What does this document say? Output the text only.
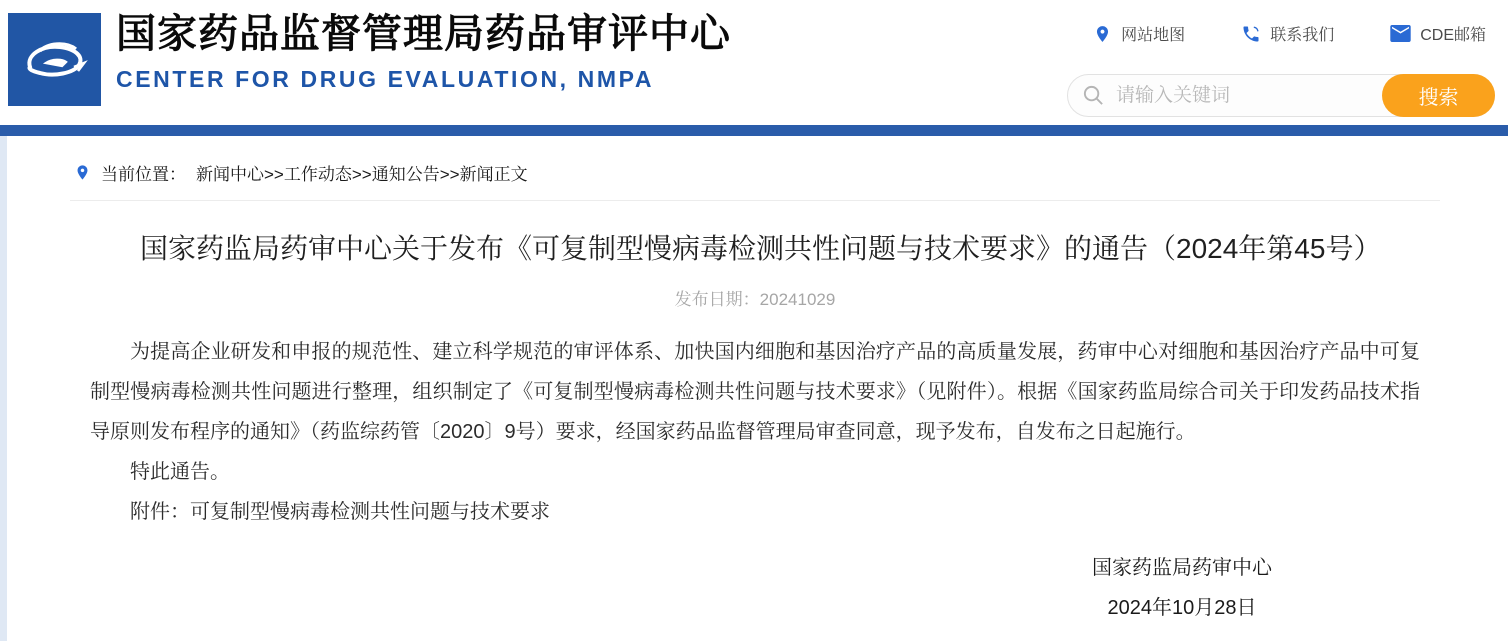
国家药品监督管理局药品审评中心
CENTER FOR DRUG EVALUATION, NMPA
网站地图	联系我们	CDE邮箱
请输入关键词
搜索
当前位置： 新闻中心>>工作动态>>通知公告>>新闻正文
国家药监局药审中心关于发布《可复制型慢病毒检测共性问题与技术要求》的通告（2024年第45号）
发布日期：20241029

为提高企业研发和申报的规范性、建立科学规范的审评体系、加快国内细胞和基因治疗产品的高质量发展，药审中心对细胞和基因治疗产品中可复制型慢病毒检测共性问题进行整理，组织制定了《可复制型慢病毒检测共性问题与技术要求》（见附件）。根据《国家药监局综合司关于印发药品技术指导原则发布程序的通知》（药监综药管〔2020〕9号）要求，经国家药品监督管理局审查同意，现予发布，自发布之日起施行。

特此通告。

附件：可复制型慢病毒检测共性问题与技术要求

国家药监局药审中心
2024年10月28日
